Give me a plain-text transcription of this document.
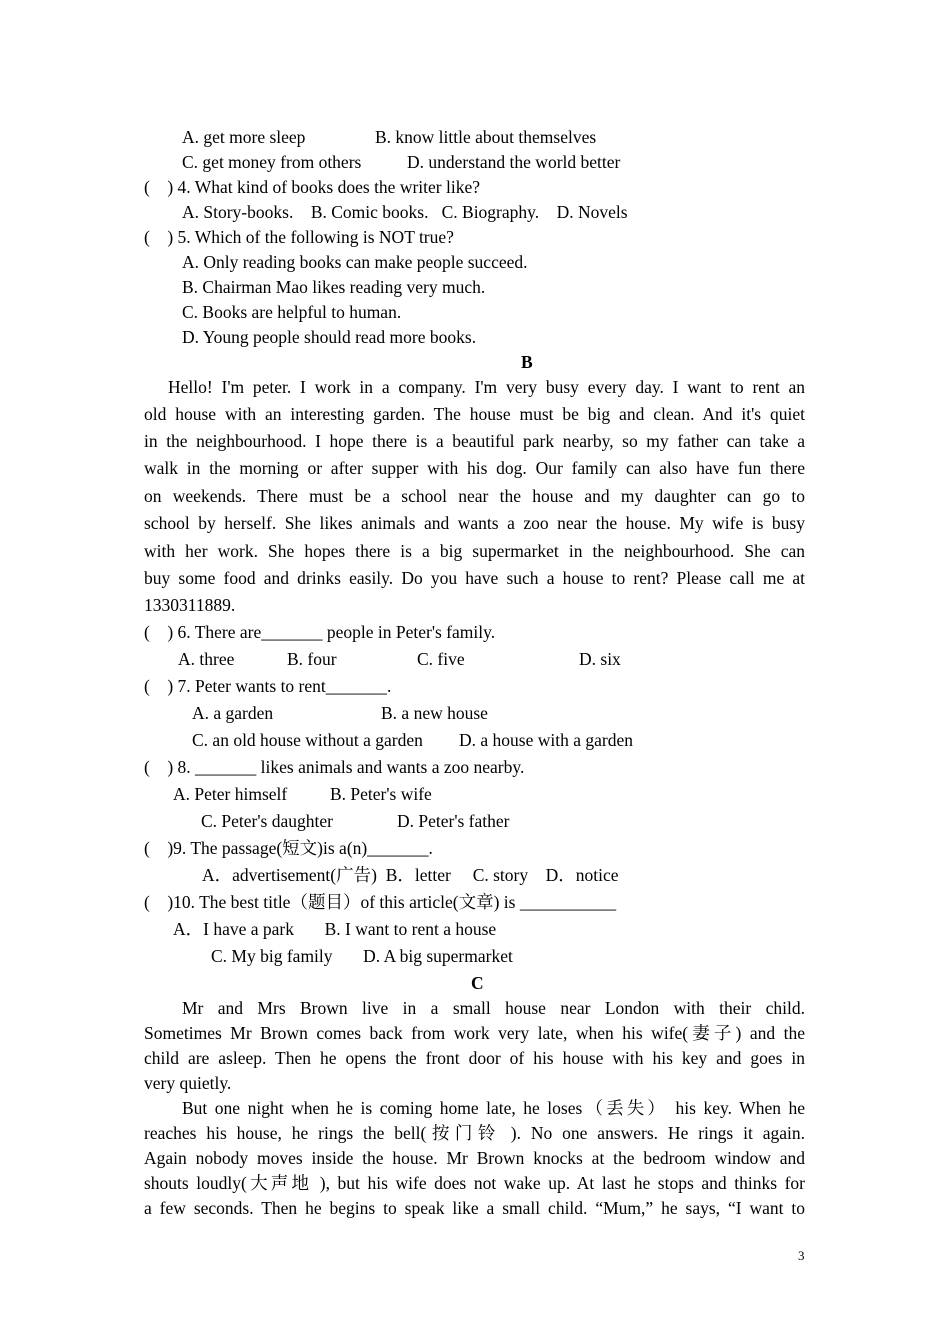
A. get more sleep	B. know little about themselves
C. get money from others	D. understand the world better
(    ) 4. What kind of books does the writer like?
A. Story-books.    B. Comic books.   C. Biography.    D. Novels
(    ) 5. Which of the following is NOT true?
A. Only reading books can make people succeed.
B. Chairman Mao likes reading very much.
C. Books are helpful to human.
D. Young people should read more books.
B
Hello! I'm peter. I work in a company. I'm very busy every day. I want to rent an
old house with an interesting garden. The house must be big and clean. And it's quiet
in the neighbourhood. I hope there is a beautiful park nearby, so my father can take a
walk in the morning or after supper with his dog. Our family can also have fun there
on weekends. There must be a school near the house and my daughter can go to
school by herself. She likes animals and wants a zoo near the house. My wife is busy
with her work. She hopes there is a big supermarket in the neighbourhood. She can
buy some food and drinks easily. Do you have such a house to rent? Please call me at
1330311889.
(    ) 6. There are_______ people in Peter's family.
A. three	B. four	C. five	D. six
(    ) 7. Peter wants to rent_______.
A. a garden	B. a new house
C. an old house without a garden D. a house with a garden
(    ) 8. _______ likes animals and wants a zoo nearby.
A. Peter himself B. Peter's wife
C. Peter's daughter	D. Peter's father
(    )9. The passage(短文)is a(n)_______.
A．advertisement(广告)  B．letter     C. story    D．notice
(    )10. The best title（题目）of this article(文章) is ___________
A．I have a park       B. I want to rent a house
C. My big family       D. A big supermarket
C
Mr and Mrs Brown live in a small house near London with their child.
Sometimes Mr Brown comes back from work very late, when his wife(妻子) and the
child are asleep. Then he opens the front door of his house with his key and goes in
very quietly.
But one night when he is coming home late, he loses（丢失） his key. When he
reaches his house, he rings the bell(按门铃 ). No one answers. He rings it again.
Again nobody moves inside the house. Mr Brown knocks at the bedroom window and
shouts loudly(大声地 ), but his wife does not wake up. At last he stops and thinks for
a few seconds. Then he begins to speak like a small child. “Mum,” he says, “I want to
3
